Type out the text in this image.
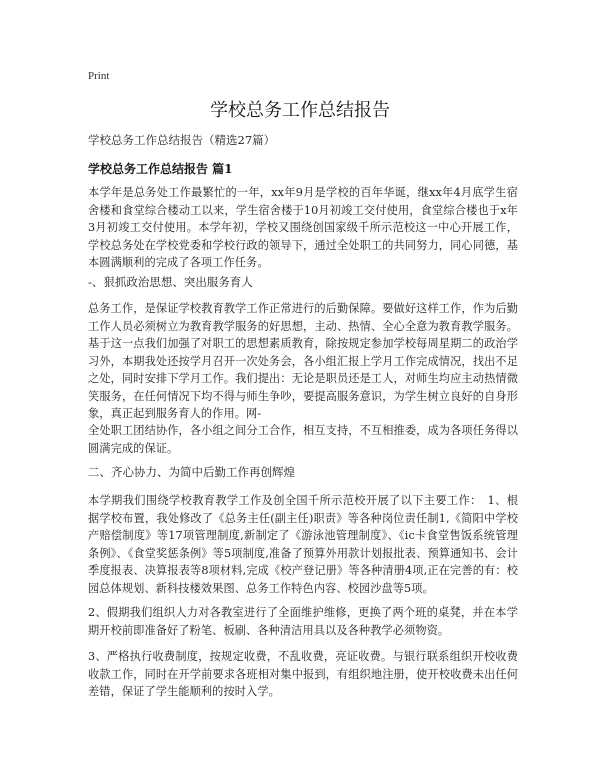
Print
学校总务工作总结报告
学校总务工作总结报告（精选27篇）
学校总务工作总结报告 篇1
本学年是总务处工作最繁忙的一年，xx年9月是学校的百年华诞，继xx年4月底学生宿舍楼和食堂综合楼动工以来，学生宿舍楼于10月初竣工交付使用，食堂综合楼也于x年3月初竣工交付使用。本学年初，学校又围绕创国家级千所示范校这一中心开展工作，学校总务处在学校党委和学校行政的领导下，通过全处职工的共同努力，同心同德，基本圆满顺利的完成了各项工作任务。
-、狠抓政治思想、突出服务育人
总务工作，是保证学校教育教学工作正常进行的后勤保障。要做好这样工作，作为后勤工作人员必须树立为教育教学服务的好思想，主动、热情、全心全意为教育教学服务。基于这一点我们加强了对职工的思想素质教育，除按规定参加学校每周星期二的政治学习外，本期我处还按学月召开一次处务会，各小组汇报上学月工作完成情况，找出不足之处，同时安排下学月工作。我们提出：无论是职员还是工人，对师生均应主动热情微笑服务，在任何情况下均不得与师生争吵，要提高服务意识，为学生树立良好的自身形象，真正起到服务育人的作用。网-
全处职工团结协作，各小组之间分工合作，相互支持，不互相推委，成为各项任务得以圆满完成的保证。
二、齐心协力、为简中后勤工作再创辉煌
本学期我们围绕学校教育教学工作及创全国千所示范校开展了以下主要工作：　1、根据学校布置，我处修改了《总务主任(副主任)职责》等各种岗位责任制1,《简阳中学校产赔偿制度》等17项管理制度,新制定了《游泳池管理制度》、《ic卡食堂售饭系统管理条例》、《食堂奖惩条例》等5项制度,准备了预算外用款计划报批表、预算通知书、会计季度报表、决算报表等8项材料,完成《校产登记册》等各种清册4项,正在完善的有：校园总体规划、新科技楼效果图、总务工作特色内容、校园沙盘等5项。
2、假期我们组织人力对各教室进行了全面维护维修，更换了两个班的桌凳，并在本学期开校前即准备好了粉笔、板刷、各种清洁用具以及各种教学必须物资。
3、严格执行收费制度，按规定收费，不乱收费，亮证收费。与银行联系组织开校收费收款工作，同时在开学前要求各班相对集中报到，有组织地注册，使开校收费未出任何差错，保证了学生能顺利的按时入学。
